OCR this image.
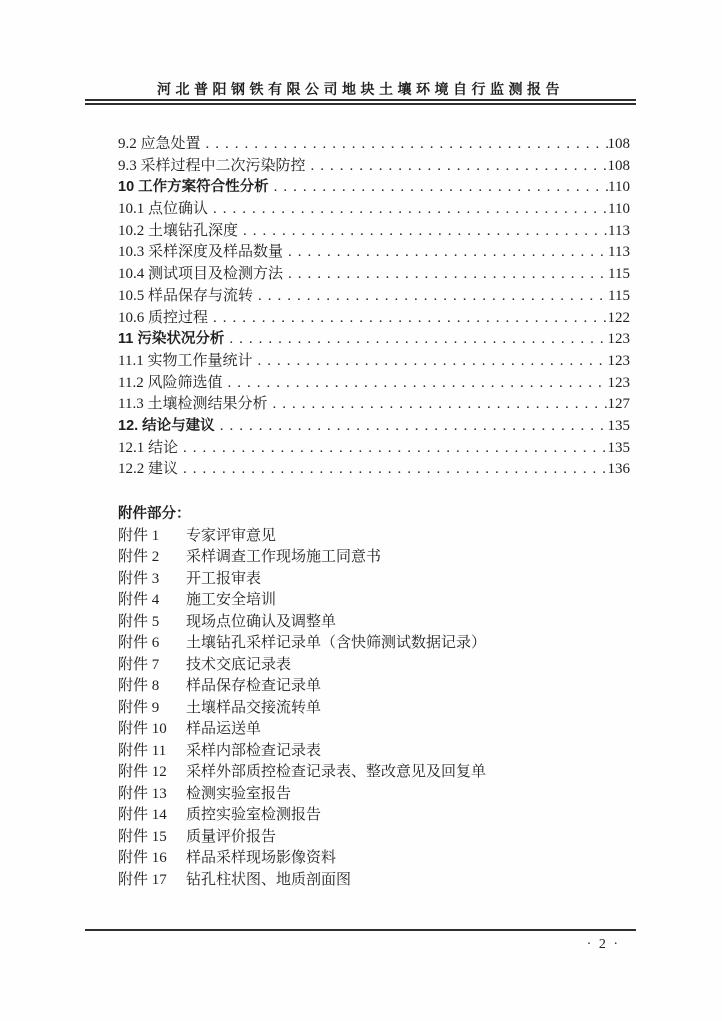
河北普阳钢铁有限公司地块土壤环境自行监测报告
9.2 应急处置 .....	108
9.3 采样过程中二次污染防控 .....	108
10 工作方案符合性分析 .....	110
10.1 点位确认 .....	110
10.2 土壤钻孔深度 .....	113
10.3 采样深度及样品数量 .....	113
10.4 测试项目及检测方法 .....	115
10.5 样品保存与流转 .....	115
10.6 质控过程 .....	122
11 污染状况分析 .....	123
11.1 实物工作量统计 .....	123
11.2 风险筛选值 .....	123
11.3 土壤检测结果分析 .....	127
12. 结论与建议 .....	135
12.1 结论 .....	135
12.2 建议 .....	136
附件部分：
附件 1	专家评审意见
附件 2	采样调查工作现场施工同意书
附件 3	开工报审表
附件 4	施工安全培训
附件 5	现场点位确认及调整单
附件 6	土壤钻孔采样记录单（含快筛测试数据记录）
附件 7	技术交底记录表
附件 8	样品保存检查记录单
附件 9	土壤样品交接流转单
附件 10	样品运送单
附件 11	采样内部检查记录表
附件 12	采样外部质控检查记录表、整改意见及回复单
附件 13	检测实验室报告
附件 14	质控实验室检测报告
附件 15	质量评价报告
附件 16	样品采样现场影像资料
附件 17	钻孔柱状图、地质剖面图
· 2 ·
